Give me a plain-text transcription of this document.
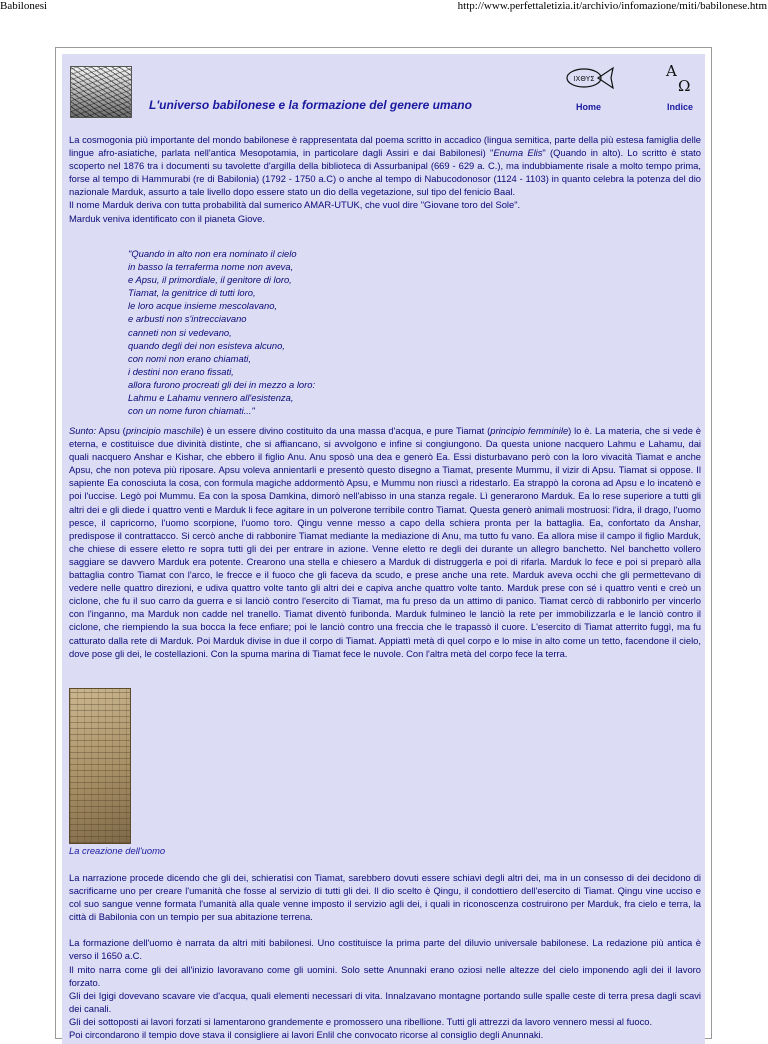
Babilonesi	http://www.perfettaletizia.it/archivio/infomazione/miti/babilonese.htm
L'universo babilonese e la formazione del genere umano
ΙΧΘΥΣ	Α
Ω
Home	Indice

La cosmogonia più importante del mondo babilonese è rappresentata dal poema scritto in accadico (lingua semitica, parte della più estesa famiglia delle lingue afro-asiatiche, parlata nell'antica Mesopotamia, in particolare dagli Assiri e dai Babilonesi) "Enuma Elis" (Quando in alto). Lo scritto è stato scoperto nel 1876 tra i documenti su tavolette d'argilla della biblioteca di Assurbanipal (669 - 629 a. C.), ma indubbiamente risale a molto tempo prima, forse al tempo di Hammurabi (re di Babilonia) (1792 - 1750 a.C) o anche al tempo di Nabucodonosor (1124 - 1103) in quanto celebra la potenza del dio nazionale Marduk, assurto a tale livello dopo essere stato un dio della vegetazione, sul tipo del fenicio Baal.

Il nome Marduk deriva con tutta probabilità dal sumerico AMAR-UTUK, che vuol dire "Giovane toro del Sole".

Marduk veniva identificato con il pianeta Giove.

"Quando in alto non era nominato il cielo
in basso la terraferma nome non aveva,
e Apsu, il primordiale, il genitore di loro,
Tiamat, la genitrice di tutti loro,
le loro acque insieme mescolavano,
e arbusti non s'intrecciavano
canneti non si vedevano,
quando degli dei non esisteva alcuno,
con nomi non erano chiamati,
i destini non erano fissati,
allora furono procreati gli dei in mezzo a loro:
Lahmu e Lahamu vennero all'esistenza,
con un nome furon chiamati..."

Sunto: Apsu (principio maschile) è un essere divino costituito da una massa d'acqua, e pure Tiamat (principio femminile) lo è. La materia, che si vede è eterna, e costituisce due divinità distinte, che si affiancano, si avvolgono e infine si congiungono. Da questa unione nacquero Lahmu e Lahamu, dai quali nacquero Anshar e Kishar, che ebbero il figlio Anu. Anu sposò una dea e generò Ea. Essi disturbavano però con la loro vivacità Tiamat e anche Apsu, che non poteva più riposare. Apsu voleva annientarli e presentò questo disegno a Tiamat, presente Mummu, il vizir di Apsu. Tiamat si oppose. Il sapiente Ea conosciuta la cosa, con formula magiche addormentò Apsu, e Mummu non riuscì a ridestarlo. Ea strappò la corona ad Apsu e lo incatenò e poi l'uccise. Legò poi Mummu. Ea con la sposa Damkina, dimorò nell'abisso in una stanza regale. Lì generarono Marduk. Ea lo rese superiore a tutti gli altri dei e gli diede i quattro venti e Marduk li fece agitare in un polverone terribile contro Tiamat. Questa generò animali mostruosi: l'idra, il drago, l'uomo pesce, il capricorno, l'uomo scorpione, l'uomo toro. Qingu venne messo a capo della schiera pronta per la battaglia. Ea, confortato da Anshar, predispose il contrattacco. Si cercò anche di rabbonire Tiamat mediante la mediazione di Anu, ma tutto fu vano. Ea allora mise il campo il figlio Marduk, che chiese di essere eletto re sopra tutti gli dei per entrare in azione. Venne eletto re degli dei durante un allegro banchetto. Nel banchetto vollero saggiare se davvero Marduk era potente. Crearono una stella e chiesero a Marduk di distruggerla e poi di rifarla. Marduk lo fece e poi si preparò alla battaglia contro Tiamat con l'arco, le frecce e il fuoco che gli faceva da scudo, e prese anche una rete. Marduk aveva occhi che gli permettevano di vedere nelle quattro direzioni, e udiva quattro volte tanto gli altri dei e capiva anche quattro volte tanto. Marduk prese con sé i quattro venti e creò un ciclone, che fu il suo carro da guerra e si lanciò contro l'esercito di Tiamat, ma fu preso da un attimo di panico. Tiamat cercò di rabbonirlo per vincerlo con l'inganno, ma Marduk non cadde nel tranello. Tiamat diventò furibonda. Marduk fulmineo le lanciò la rete per immobilizzarla e le lanciò contro il ciclone, che riempiendo la sua bocca la fece enfiare; poi le lanciò contro una freccia che le trapassò il cuore. L'esercito di Tiamat atterrito fuggì, ma fu catturato dalla rete di Marduk. Poi Marduk divise in due il corpo di Tiamat. Appiattì metà di quel corpo e lo mise in alto come un tetto, facendone il cielo, dove pose gli dei, le costellazioni. Con la spuma marina di Tiamat fece le nuvole. Con l'altra metà del corpo fece la terra.

La creazione dell'uomo

La narrazione procede dicendo che gli dei, schieratisi con Tiamat, sarebbero dovuti essere schiavi degli altri dei, ma in un consesso di dei decidono di sacrificarne uno per creare l'umanità che fosse al servizio di tutti gli dei. Il dio scelto è Qingu, il condottiero dell'esercito di Tiamat. Qingu vine ucciso e col suo sangue venne formata l'umanità alla quale venne imposto il servizio agli dei, i quali in riconoscenza costruirono per Marduk, fra cielo e terra, la città di Babilonia con un tempio per sua abitazione terrena.

La formazione dell'uomo è narrata da altri miti babilonesi. Uno costituisce la prima parte del diluvio universale babilonese. La redazione più antica è verso il 1650 a.C.

Il mito narra come gli dei all'inizio lavoravano come gli uomini. Solo sette Anunnaki erano oziosi nelle altezze del cielo imponendo agli dei il lavoro forzato.

Gli dei Igigi dovevano scavare vie d'acqua, quali elementi necessari di vita. Innalzavano montagne portando sulle spalle ceste di terra presa dagli scavi dei canali.

Gli dei sottoposti ai lavori forzati si lamentarono grandemente e promossero una ribellione. Tutti gli attrezzi da lavoro vennero messi al fuoco.

Poi circondarono il tempio dove stava il consigliere ai lavori Enlil che convocato ricorse al consiglio degli Anunnaki.
